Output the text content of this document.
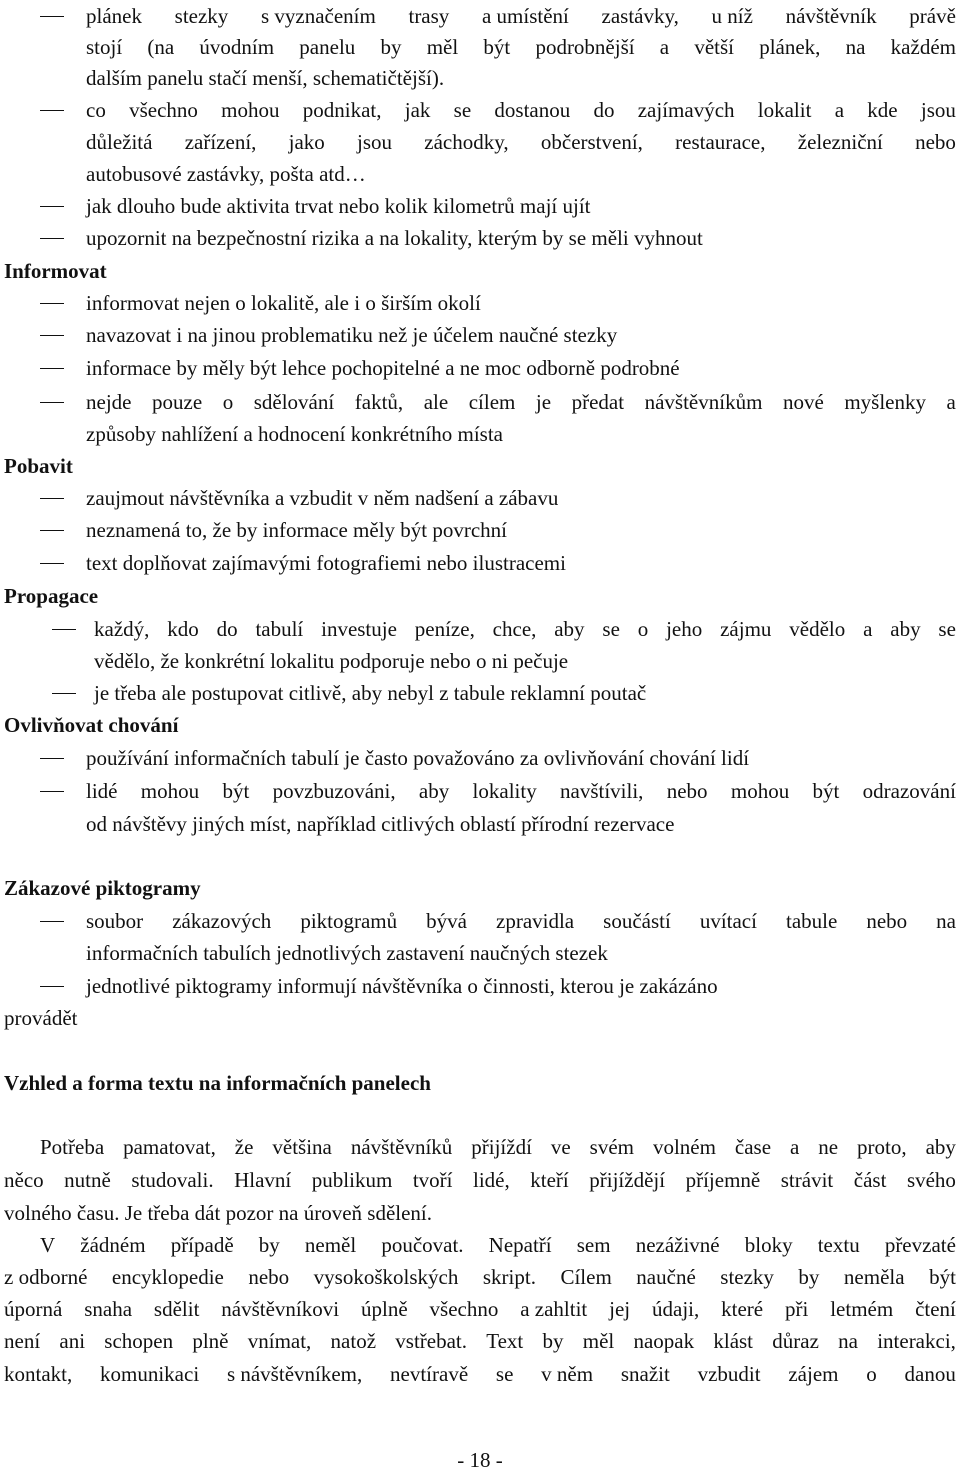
plánek stezky s vyznačením trasy a umístění zastávky, u níž návštěvník právě
stojí (na úvodním panelu by měl být podrobnější a větší plánek, na každém
dalším panelu stačí menší, schematičtější).
co všechno mohou podnikat, jak se dostanou do zajímavých lokalit a kde jsou
důležitá zařízení, jako jsou záchodky, občerstvení, restaurace, železniční nebo
autobusové zastávky, pošta atd…
jak dlouho bude aktivita trvat nebo kolik kilometrů mají ujít
upozornit na bezpečnostní rizika a na lokality, kterým by se měli vyhnout
Informovat
informovat nejen o lokalitě, ale i o širším okolí
navazovat i na jinou problematiku než je účelem naučné stezky
informace by měly být lehce pochopitelné a ne moc odborně podrobné
nejde pouze o sdělování faktů, ale cílem je předat návštěvníkům nové myšlenky a
způsoby nahlížení a hodnocení konkrétního místa
Pobavit
zaujmout návštěvníka a vzbudit v něm nadšení a zábavu
neznamená to, že by informace měly být povrchní
text doplňovat zajímavými fotografiemi nebo ilustracemi
Propagace
každý, kdo do tabulí investuje peníze, chce, aby se o jeho zájmu vědělo a aby se
vědělo, že konkrétní lokalitu podporuje nebo o ni pečuje
je třeba ale postupovat citlivě, aby nebyl z tabule reklamní poutač
Ovlivňovat chování
používání informačních tabulí je často považováno za ovlivňování chování lidí
lidé mohou být povzbuzováni, aby lokality navštívili, nebo mohou být odrazování
od návštěvy jiných míst, například citlivých oblastí přírodní rezervace
Zákazové piktogramy
soubor zákazových piktogramů bývá zpravidla součástí uvítací tabule nebo na
informačních tabulích jednotlivých zastavení naučných stezek
jednotlivé piktogramy informují návštěvníka o činnosti, kterou je zakázáno
provádět
Vzhled a forma textu na informačních panelech
Potřeba pamatovat, že většina návštěvníků přijíždí ve svém volném čase a ne proto, aby
něco nutně studovali. Hlavní publikum tvoří lidé, kteří přijíždějí příjemně strávit část svého
volného času. Je třeba dát pozor na úroveň sdělení.
V žádném případě by neměl poučovat. Nepatří sem nezáživné bloky textu převzaté
z odborné encyklopedie nebo vysokoškolských skript. Cílem naučné stezky by neměla být
úporná snaha sdělit návštěvníkovi úplně všechno a zahltit jej údaji, které při letmém čtení
není ani schopen plně vnímat, natož vstřebat. Text by měl naopak klást důraz na interakci,
kontakt, komunikaci s návštěvníkem, nevtíravě se v něm snažit vzbudit zájem o danou
- 18 -
